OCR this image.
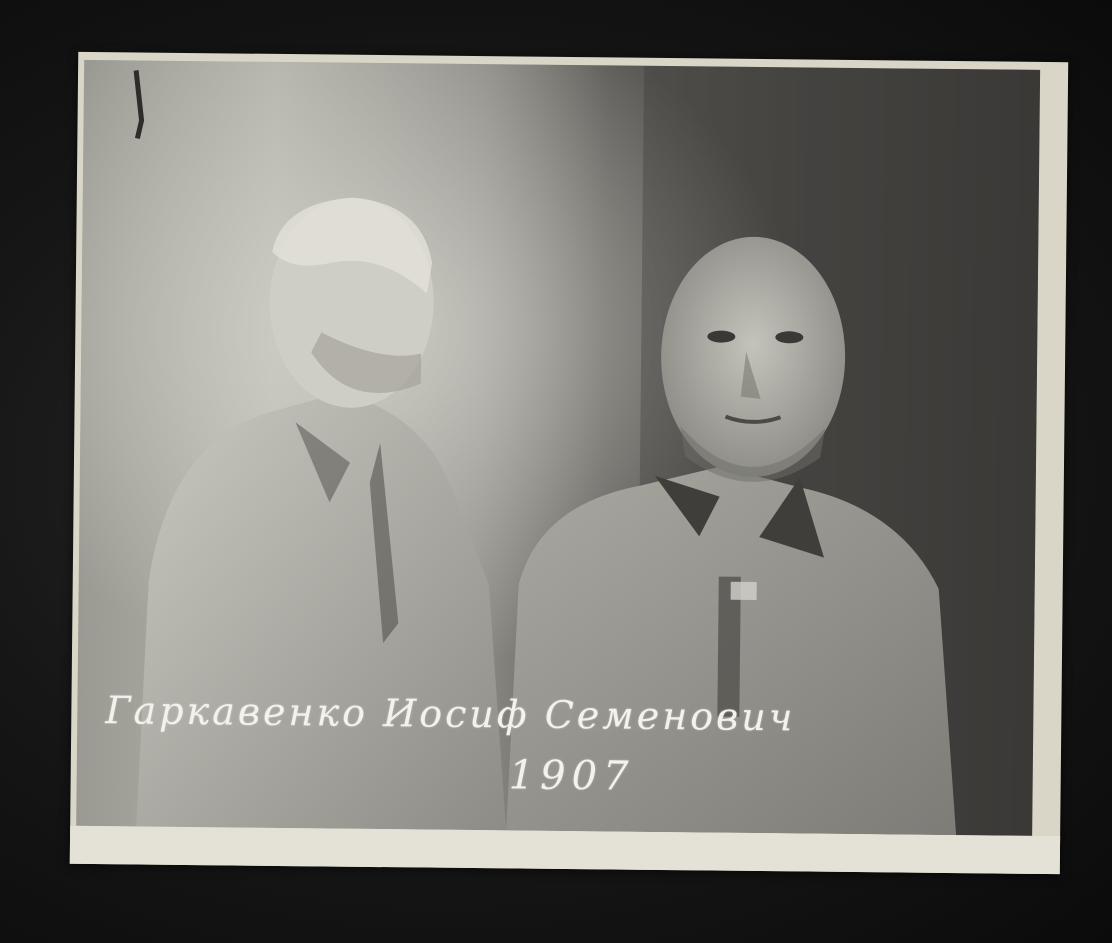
Гаркавенко Иосиф Семенович
1907
